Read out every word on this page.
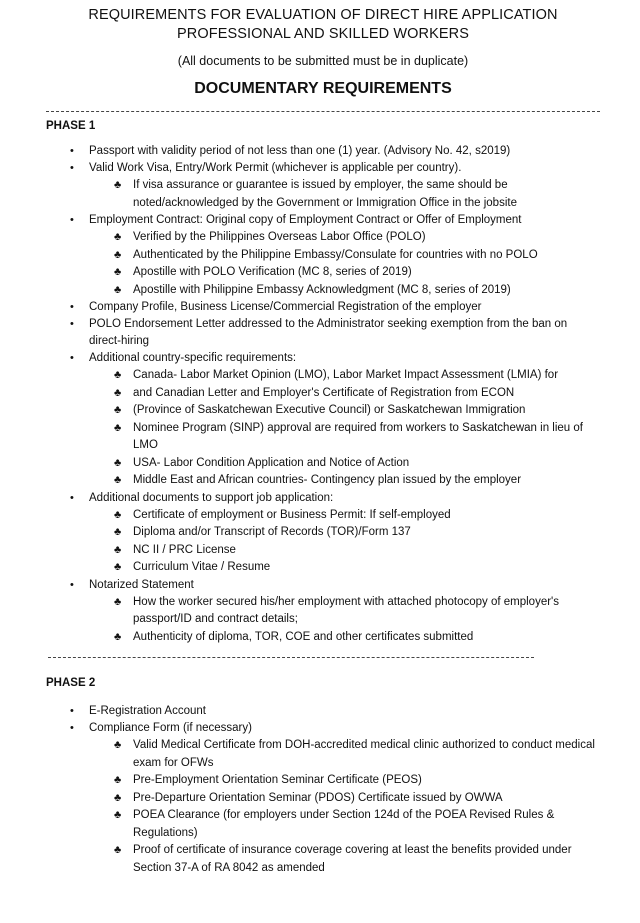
REQUIREMENTS FOR EVALUATION OF DIRECT HIRE APPLICATION
PROFESSIONAL AND SKILLED WORKERS
(All documents to be submitted must be in duplicate)
DOCUMENTARY REQUIREMENTS
PHASE 1
• Passport with validity period of not less than one (1) year. (Advisory No. 42, s2019)
• Valid Work Visa, Entry/Work Permit (whichever is applicable per country).
♣ If visa assurance or guarantee is issued by employer, the same should be noted/acknowledged by the Government or Immigration Office in the jobsite
• Employment Contract: Original copy of Employment Contract or Offer of Employment
♣ Verified by the Philippines Overseas Labor Office (POLO)
♣ Authenticated by the Philippine Embassy/Consulate for countries with no POLO
♣ Apostille with POLO Verification (MC 8, series of 2019)
♣ Apostille with Philippine Embassy Acknowledgment (MC 8, series of 2019)
• Company Profile, Business License/Commercial Registration of the employer
• POLO Endorsement Letter addressed to the Administrator seeking exemption from the ban on direct-hiring
• Additional country-specific requirements:
♣ Canada- Labor Market Opinion (LMO), Labor Market Impact Assessment (LMIA) for
♣ and Canadian Letter and Employer's Certificate of Registration from ECON
♣ (Province of Saskatchewan Executive Council) or Saskatchewan Immigration
♣ Nominee Program (SINP) approval are required from workers to Saskatchewan in lieu of LMO
♣ USA- Labor Condition Application and Notice of Action
♣ Middle East and African countries- Contingency plan issued by the employer
• Additional documents to support job application:
♣ Certificate of employment or Business Permit: If self-employed
♣ Diploma and/or Transcript of Records (TOR)/Form 137
♣ NC II / PRC License
♣ Curriculum Vitae / Resume
• Notarized Statement
♣ How the worker secured his/her employment with attached photocopy of employer's passport/ID and contract details;
♣ Authenticity of diploma, TOR, COE and other certificates submitted
PHASE 2
• E-Registration Account
• Compliance Form (if necessary)
♣ Valid Medical Certificate from DOH-accredited medical clinic authorized to conduct medical exam for OFWs
♣ Pre-Employment Orientation Seminar Certificate (PEOS)
♣ Pre-Departure Orientation Seminar (PDOS) Certificate issued by OWWA
♣ POEA Clearance (for employers under Section 124d of the POEA Revised Rules & Regulations)
♣ Proof of certificate of insurance coverage covering at least the benefits provided under Section 37-A of RA 8042 as amended
